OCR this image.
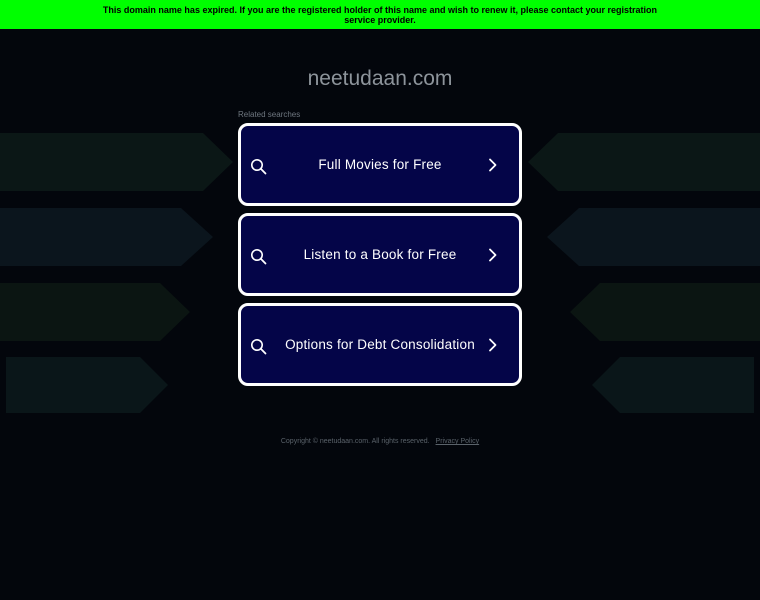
This domain name has expired. If you are the registered holder of this name and wish to renew it, please contact your registration service provider.
neetudaan.com
Related searches
Full Movies for Free
Listen to a Book for Free
Options for Debt Consolidation
Copyright © neetudaan.com. All rights reserved. Privacy Policy
